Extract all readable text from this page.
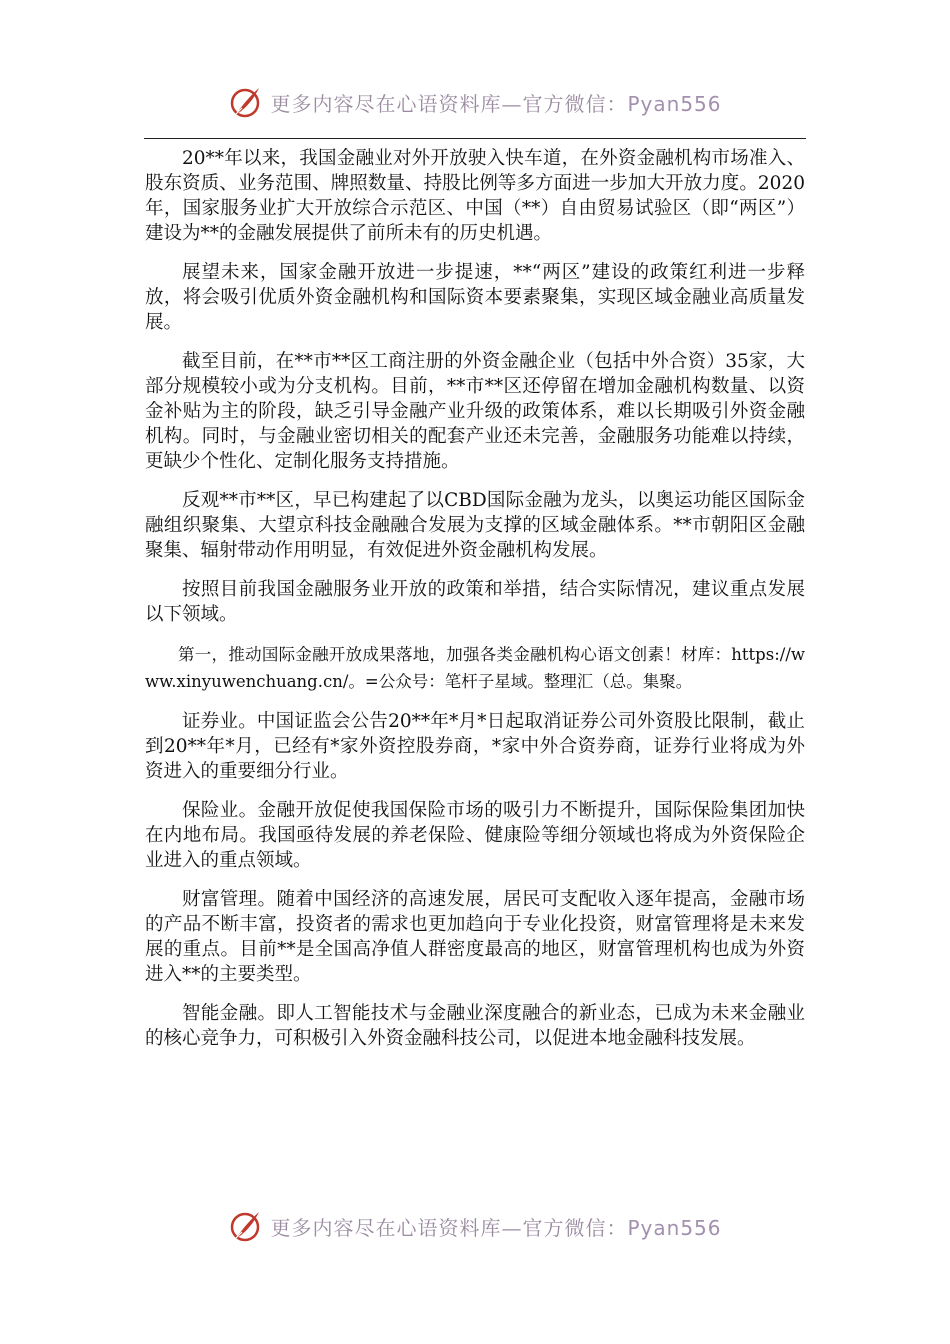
更多内容尽在心语资料库—官方微信：Pyan556

20**年以来，我国金融业对外开放驶入快车道，在外资金融机构市场准入、股东资质、业务范围、牌照数量、持股比例等多方面进一步加大开放力度。2020年，国家服务业扩大开放综合示范区、中国（**）自由贸易试验区（即“两区”）建设为**的金融发展提供了前所未有的历史机遇。

展望未来，国家金融开放进一步提速，**“两区”建设的政策红利进一步释放，将会吸引优质外资金融机构和国际资本要素聚集，实现区域金融业高质量发展。

截至目前，在**市**区工商注册的外资金融企业（包括中外合资）35家，大部分规模较小或为分支机构。目前，**市**区还停留在增加金融机构数量、以资金补贴为主的阶段，缺乏引导金融产业升级的政策体系，难以长期吸引外资金融机构。同时，与金融业密切相关的配套产业还未完善，金融服务功能难以持续，更缺少个性化、定制化服务支持措施。

反观**市**区，早已构建起了以CBD国际金融为龙头，以奥运功能区国际金融组织聚集、大望京科技金融融合发展为支撑的区域金融体系。**市朝阳区金融聚集、辐射带动作用明显，有效促进外资金融机构发展。

按照目前我国金融服务业开放的政策和举措，结合实际情况，建议重点发展以下领域。

第一，推动国际金融开放成果落地，加强各类金融机构心语文创素！材库：https://www.xinyuwenchuang.cn/。=公众号：笔杆子星域。整理汇（总。集聚。

证券业。中国证监会公告20**年*月*日起取消证券公司外资股比限制，截止到20**年*月，已经有*家外资控股券商，*家中外合资券商，证券行业将成为外资进入的重要细分行业。

保险业。金融开放促使我国保险市场的吸引力不断提升，国际保险集团加快在内地布局。我国亟待发展的养老保险、健康险等细分领域也将成为外资保险企业进入的重点领域。

财富管理。随着中国经济的高速发展，居民可支配收入逐年提高，金融市场的产品不断丰富，投资者的需求也更加趋向于专业化投资，财富管理将是未来发展的重点。目前**是全国高净值人群密度最高的地区，财富管理机构也成为外资进入**的主要类型。

智能金融。即人工智能技术与金融业深度融合的新业态，已成为未来金融业的核心竞争力，可积极引入外资金融科技公司，以促进本地金融科技发展。

更多内容尽在心语资料库—官方微信：Pyan556
